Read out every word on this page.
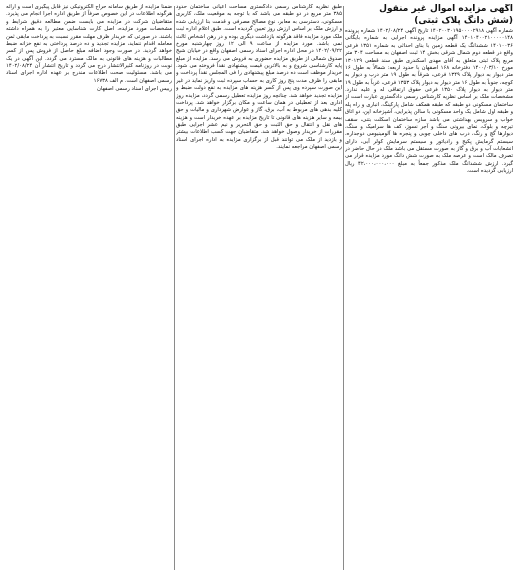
آگهی مزایده اموال غیر منقول
(شش دانگ پلاک ثبتی)

شماره آگهی ۱۴۰۲۰۰۳۰۱۹۵۰۰۰۰۲۹۱۸ تاریخ آگهی ۱۴۰۲/۰۸/۲۴ شماره پرونده ۱۴۰۱۰۴۰۰۲۱۰۰۰۰۰۱۴۸ آگهی مزایده پرونده اجرایی به شماره بایگانی ۱۴۰۱۰۰۳۶ ششدانگ یک قطعه زمین با بنای احداثی به شماره ۱۳۵۱ فرعی واقع در قطعه دوم شمال شرقی بخش ۱۴ ثبت اصفهان به مساحت ۳۰۴ متر مربع پلاک ثبتی متعلق به آقای مهدی اسکندری طبق سند قطعی ۱۳۰۱۲۹ مورخ ۱۴۰۰/۰۳/۱۰ دفترخانه ۱۶۸ اصفهان با حدود اربعه: شمالاً به طول ۱۶ متر دیوار به دیوار پلاک ۱۳۴۹ فرعی، شرقاً به طول ۱۹ متر درب و دیوار به کوچه، جنوباً به طول ۱۶ متر دیوار به دیوار پلاک ۱۳۵۳ فرعی، غرباً به طول ۱۹ متر دیوار به دیوار پلاک ۱۳۵۰ فرعی حقوق ارتفاقی له و علیه ندارد. مشخصات ملک بر اساس نظریه کارشناس رسمی دادگستری عبارت است از ساختمان مسکونی دو طبقه که طبقه همکف شامل پارکینگ، انباری و راه پله و طبقه اول شامل یک واحد مسکونی با سالن پذیرایی، آشپزخانه اپن، دو اتاق خواب و سرویس بهداشتی می باشد سازه ساختمان اسکلت بتنی، سقف تیرچه و بلوک، نمای بیرونی سنگ و آجر نسوز، کف ها سرامیک و سنگ، دیوارها گچ و رنگ، درب های داخلی چوبی و پنجره ها آلومینیومی دوجداره، سیستم گرمایش پکیج و رادیاتور و سیستم سرمایش کولر آبی، دارای انشعابات آب و برق و گاز به صورت مستقل می باشد ملک در حال حاضر در تصرف مالک است و عرصه ملک به صورت شش دانگ مورد مزایده قرار می گیرد. ارزش ششدانگ ملک مذکور جمعاً به مبلغ ۴۲،۰۰۰،۰۰۰،۰۰۰ ریال ارزیابی گردیده است.

طبق نظریه کارشناس رسمی دادگستری مساحت اعیانی ساختمان حدود ۳۸۵ متر مربع در دو طبقه می باشد که با توجه به موقعیت ملک، کاربری مسکونی، دسترسی به معابر، نوع مصالح مصرفی و قدمت بنا ارزیابی شده و ارزش ملک بر اساس ارزش روز تعیین گردیده است. طبق اعلام اداره ثبت ملک مورد مزایده فاقد هرگونه بازداشت دیگری بوده و در رهن اشخاص ثالث نمی باشد. مورد مزایده از ساعت ۹ الی ۱۲ روز چهارشنبه مورخ ۱۴۰۲/۰۹/۲۲ در محل اداره اجرای اسناد رسمی اصفهان واقع در خیابان شیخ صدوق شمالی از طریق مزایده حضوری به فروش می رسد. مزایده از مبلغ پایه کارشناسی شروع و به بالاترین قیمت پیشنهادی نقداً فروخته می شود. خریدار موظف است ده درصد مبلغ پیشنهادی را فی المجلس نقداً پرداخت و مابقی را ظرف مدت پنج روز کاری به حساب سپرده ثبت واریز نماید در غیر این صورت سپرده وی پس از کسر هزینه های مزایده به نفع دولت ضبط و مزایده تجدید خواهد شد. چنانچه روز مزایده تعطیل رسمی گردد، مزایده روز اداری بعد از تعطیلی در همان ساعت و مکان برگزار خواهد شد. پرداخت کلیه بدهی های مربوط به آب، برق، گاز و عوارض شهرداری و مالیات و حق بیمه و سایر هزینه های قانونی تا تاریخ مزایده بر عهده خریدار است و هزینه های نقل و انتقال و حق الثبت و حق التحریر و نیم عشر اجرایی طبق مقررات از خریدار وصول خواهد شد. متقاضیان جهت کسب اطلاعات بیشتر و بازدید از ملک می توانند قبل از برگزاری مزایده به اداره اجرای اسناد رسمی اصفهان مراجعه نمایند.

ضمناً مزایده از طریق سامانه حراج الکترونیکی نیز قابل پیگیری است و ارائه هرگونه اطلاعات در این خصوص صرفاً از طریق اداره اجرا انجام می پذیرد. متقاضیان شرکت در مزایده می بایست ضمن مطالعه دقیق شرایط و مشخصات مورد مزایده، اصل کارت شناسایی معتبر را به همراه داشته باشند. در صورتی که خریدار ظرف مهلت مقرر نسبت به پرداخت مابقی ثمن معامله اقدام ننماید، مزایده تجدید و ده درصد پرداختی به نفع خزانه ضبط خواهد گردید. در صورت وجود اضافه مبلغ حاصل از فروش پس از کسر مطالبات و هزینه های قانونی به مالک مسترد می گردد. این آگهی در یک نوبت در روزنامه کثیرالانتشار درج می گردد و تاریخ انتشار آن ۱۴۰۲/۰۸/۲۴ می باشد. مسئولیت صحت اطلاعات مندرج بر عهده اداره اجرای اسناد رسمی اصفهان است. م الف ۱۶۷۳۸

رییس اجرای اسناد رسمی اصفهان
